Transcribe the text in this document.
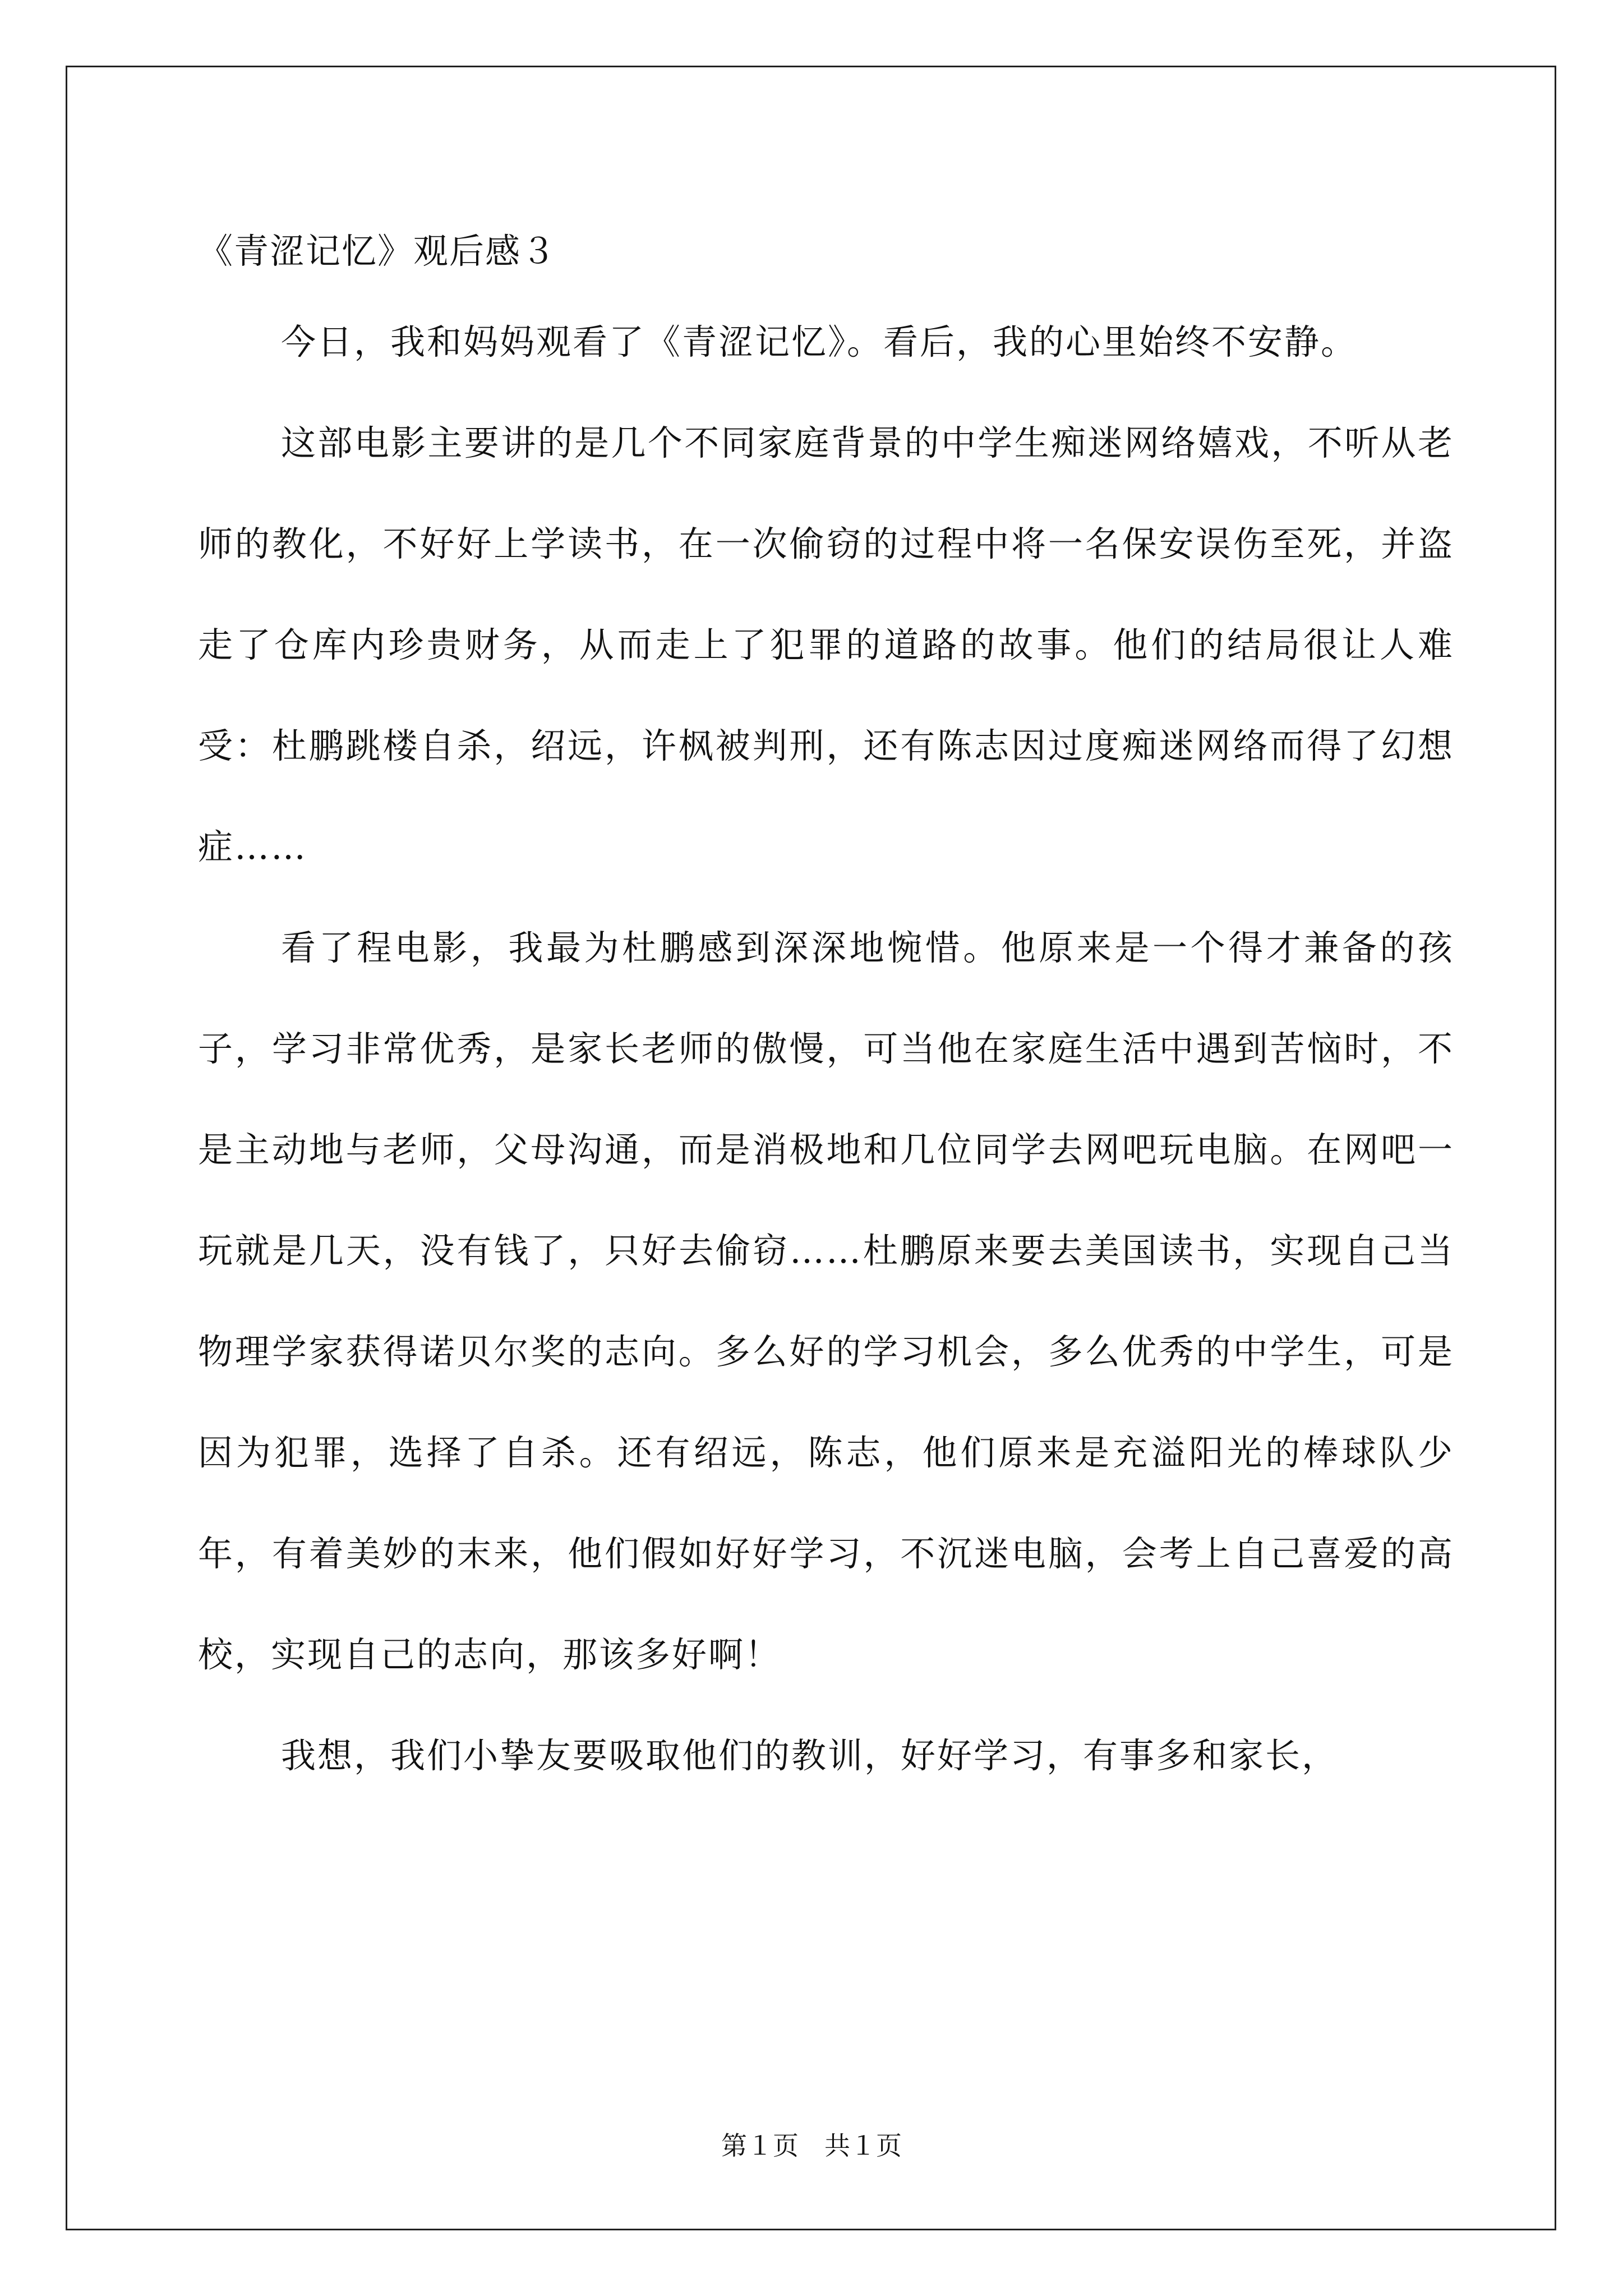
《青涩记忆》观后感３

今日，我和妈妈观看了《青涩记忆》。看后，我的心里始终不安静。

这部电影主要讲的是几个不同家庭背景的中学生痴迷网络嬉戏，不听从老师的教化，不好好上学读书，在一次偷窃的过程中将一名保安误伤至死，并盗走了仓库内珍贵财务，从而走上了犯罪的道路的故事。他们的结局很让人难受：杜鹏跳楼自杀，绍远，许枫被判刑，还有陈志因过度痴迷网络而得了幻想症……

看了程电影，我最为杜鹏感到深深地惋惜。他原来是一个得才兼备的孩子，学习非常优秀，是家长老师的傲慢，可当他在家庭生活中遇到苦恼时，不是主动地与老师，父母沟通，而是消极地和几位同学去网吧玩电脑。在网吧一玩就是几天，没有钱了，只好去偷窃……杜鹏原来要去美国读书，实现自己当物理学家获得诺贝尔奖的志向。多么好的学习机会，多么优秀的中学生，可是因为犯罪，选择了自杀。还有绍远，陈志，他们原来是充溢阳光的棒球队少年，有着美妙的末来，他们假如好好学习，不沉迷电脑，会考上自己喜爱的高校，实现自己的志向，那该多好啊！

我想，我们小挚友要吸取他们的教训，好好学习，有事多和家长，

第１页　共１页
